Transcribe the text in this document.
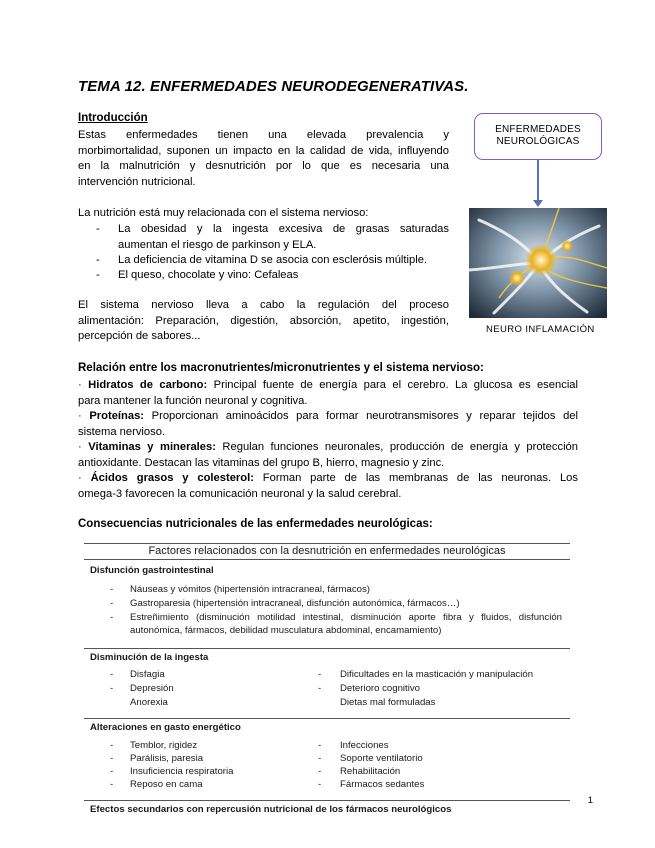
TEMA 12. ENFERMEDADES NEURODEGENERATIVAS.
Introducción
Estas enfermedades tienen una elevada prevalencia y
morbimortalidad, suponen un impacto en la calidad de vida, influyendo
en la malnutrición y desnutrición por lo que es necesaria una
intervención nutricional.
La nutrición está muy relacionada con el sistema nervioso:
- La obesidad y la ingesta excesiva de grasas saturadas
aumentan el riesgo de parkinson y ELA.
- La deficiencia de vitamina D se asocia con esclerósis múltiple.
- El queso, chocolate y vino: Cefaleas
El sistema nervioso lleva a cabo la regulación del proceso
alimentación: Preparación, digestión, absorción, apetito, ingestión,
percepción de sabores...
ENFERMEDADES
NEUROLÓGICAS
NEURO INFLAMACIÓN
Relación entre los macronutrientes/micronutrientes y el sistema nervioso:
· Hidratos de carbono: Principal fuente de energía para el cerebro. La glucosa es esencial
para mantener la función neuronal y cognitiva.
· Proteínas: Proporcionan aminoácidos para formar neurotransmisores y reparar tejidos del
sistema nervioso.
· Vitaminas y minerales: Regulan funciones neuronales, producción de energía y protección
antioxidante. Destacan las vitaminas del grupo B, hierro, magnesio y zinc.
· Ácidos grasos y colesterol: Forman parte de las membranas de las neuronas. Los
omega-3 favorecen la comunicación neuronal y la salud cerebral.
Consecuencias nutricionales de las enfermedades neurológicas:
Factores relacionados con la desnutrición en enfermedades neurológicas
Disfunción gastrointestinal
- Náuseas y vómitos (hipertensión intracraneal, fármacos)
- Gastroparesia (hipertensión intracraneal, disfunción autonómica, fármacos…)
- Estreñimiento (disminución motilidad intestinal, disminución aporte fibra y fluidos, disfunción
autonómica, fármacos, debilidad musculatura abdominal, encamamiento)
Disminución de la ingesta
- Disfagia
- Depresión
Anorexia
- Dificultades en la masticación y manipulación
- Deterioro cognitivo
Dietas mal formuladas
Alteraciones en gasto energético
- Temblor, rigidez
- Parálisis, paresia
- Insuficiencia respiratoria
- Reposo en cama
- Infecciones
- Soporte ventilatorio
- Rehabilitación
- Fármacos sedantes
Efectos secundarios con repercusión nutricional de los fármacos neurológicos
1
